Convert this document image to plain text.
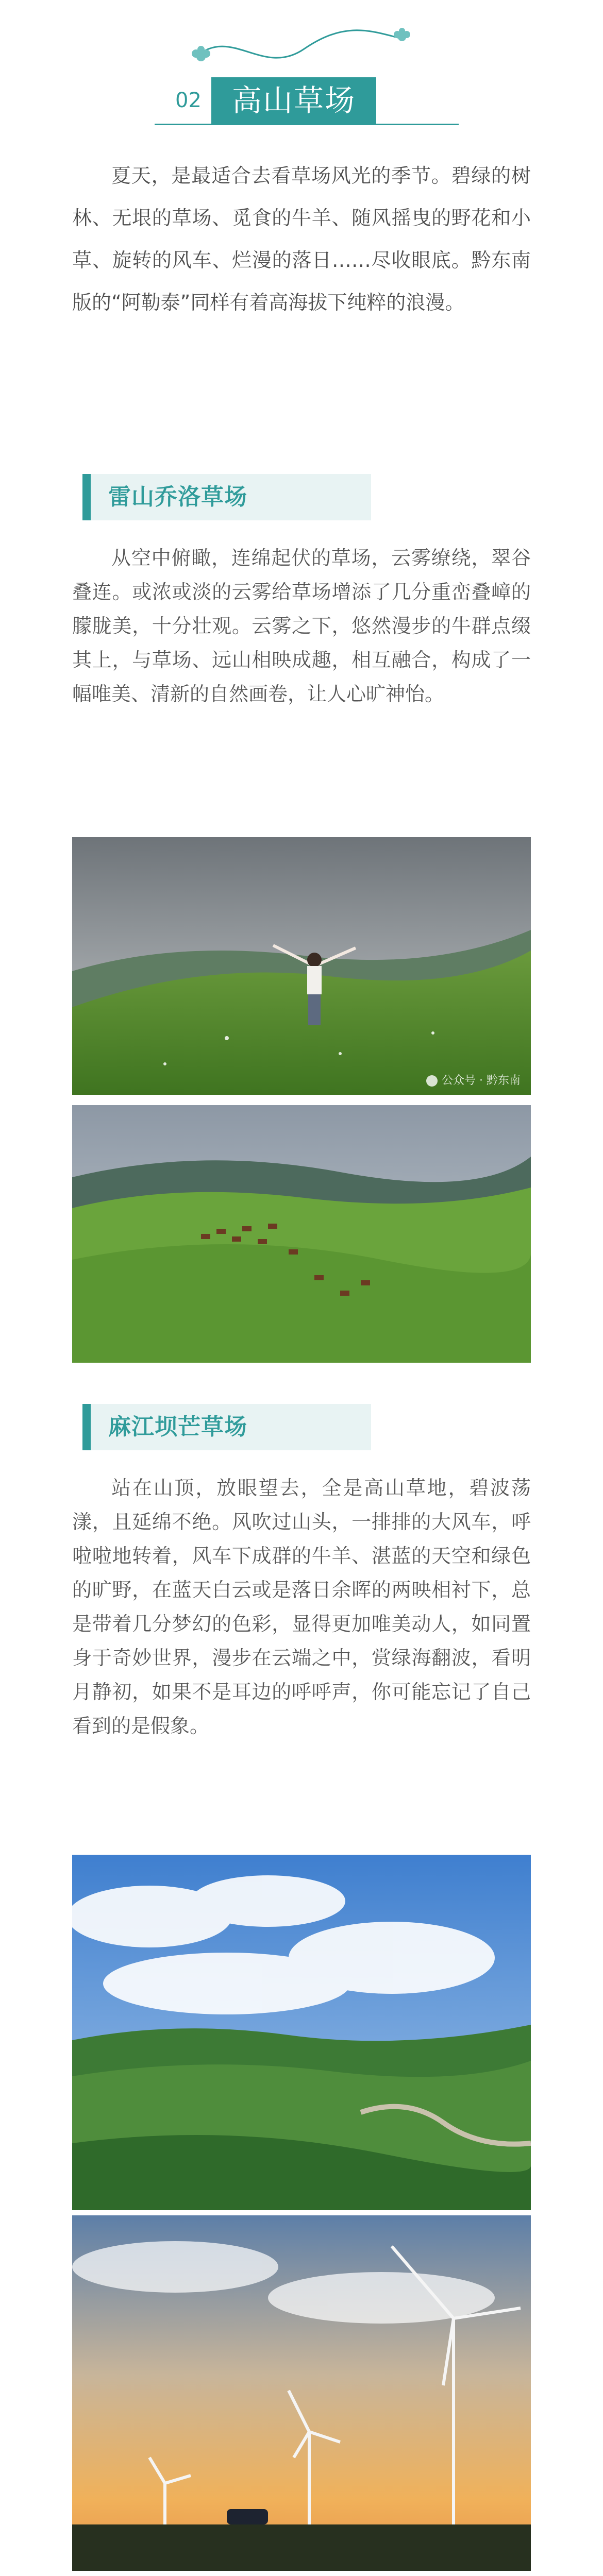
02	高山草场

夏天，是最适合去看草场风光的季节。碧绿的树林、无垠的草场、觅食的牛羊、随风摇曳的野花和小草、旋转的风车、烂漫的落日……尽收眼底。黔东南版的“阿勒泰”同样有着高海拔下纯粹的浪漫。

雷山乔洛草场

从空中俯瞰，连绵起伏的草场，云雾缭绕，翠谷叠连。或浓或淡的云雾给草场增添了几分重峦叠嶂的朦胧美，十分壮观。云雾之下，悠然漫步的牛群点缀其上，与草场、远山相映成趣，相互融合，构成了一幅唯美、清新的自然画卷，让人心旷神怡。

公众号 · 黔东南
麻江坝芒草场

站在山顶，放眼望去，全是高山草地，碧波荡漾，且延绵不绝。风吹过山头，一排排的大风车，呼啦啦地转着，风车下成群的牛羊、湛蓝的天空和绿色的旷野，在蓝天白云或是落日余晖的两映相衬下，总是带着几分梦幻的色彩，显得更加唯美动人，如同置身于奇妙世界，漫步在云端之中，赏绿海翻波，看明月静初，如果不是耳边的呼呼声，你可能忘记了自己看到的是假象。
